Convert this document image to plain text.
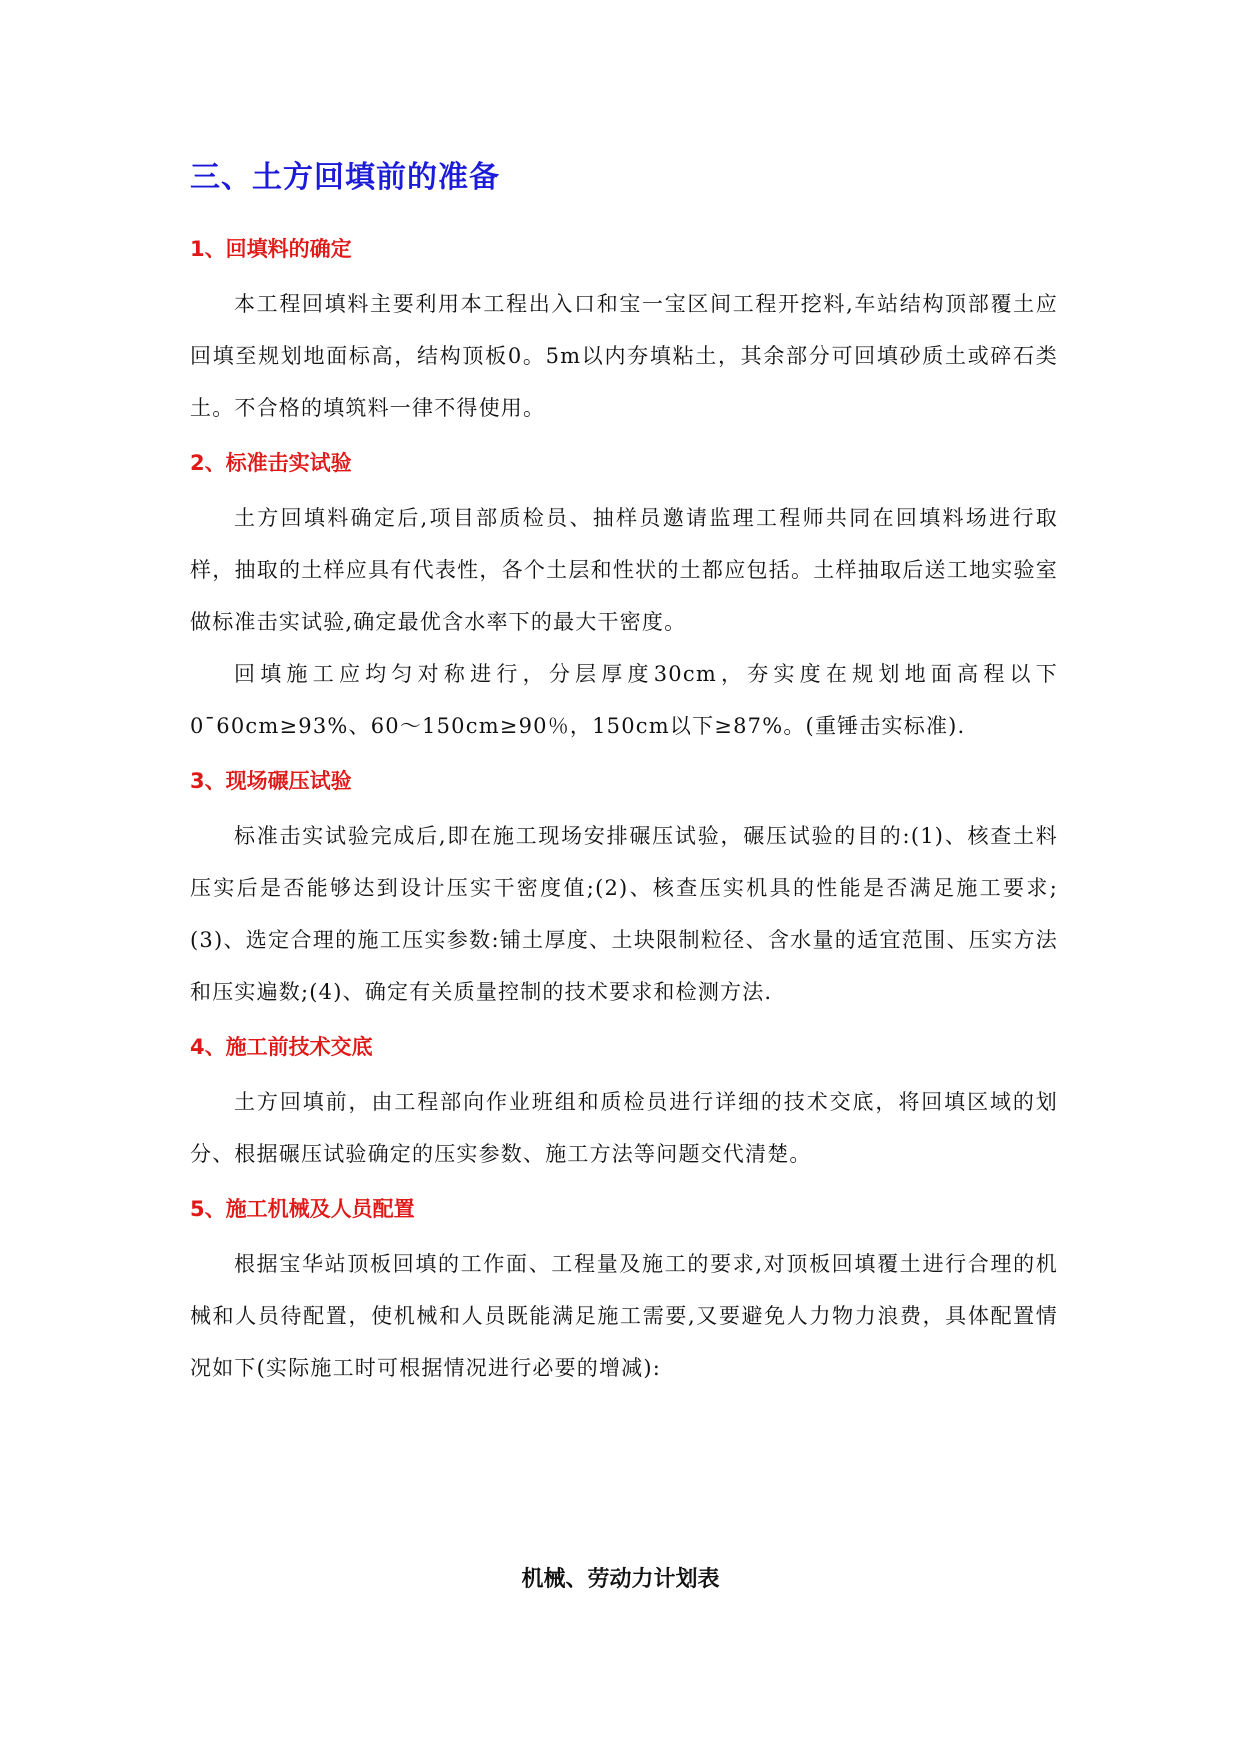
三、土方回填前的准备
1、回填料的确定

本工程回填料主要利用本工程出入口和宝一宝区间工程开挖料,车站结构顶部覆土应回填至规划地面标高，结构顶板0。5m以内夯填粘土，其余部分可回填砂质土或碎石类土。不合格的填筑料一律不得使用。

2、标准击实试验

土方回填料确定后,项目部质检员、抽样员邀请监理工程师共同在回填料场进行取样，抽取的土样应具有代表性，各个土层和性状的土都应包括。土样抽取后送工地实验室做标准击实试验,确定最优含水率下的最大干密度。

回填施工应均匀对称进行，分层厚度30cm，夯实度在规划地面高程以下0¯60cm≥93%、60～150cm≥90％，150cm以下≥87%。(重锤击实标准).

3、现场碾压试验

标准击实试验完成后,即在施工现场安排碾压试验，碾压试验的目的:(1)、核查土料压实后是否能够达到设计压实干密度值;(2)、核查压实机具的性能是否满足施工要求;(3)、选定合理的施工压实参数:铺土厚度、土块限制粒径、含水量的适宜范围、压实方法和压实遍数;(4)、确定有关质量控制的技术要求和检测方法.

4、施工前技术交底

土方回填前，由工程部向作业班组和质检员进行详细的技术交底，将回填区域的划分、根据碾压试验确定的压实参数、施工方法等问题交代清楚。

5、施工机械及人员配置

根据宝华站顶板回填的工作面、工程量及施工的要求,对顶板回填覆土进行合理的机械和人员待配置，使机械和人员既能满足施工需要,又要避免人力物力浪费，具体配置情况如下(实际施工时可根据情况进行必要的增减):

机械、劳动力计划表
